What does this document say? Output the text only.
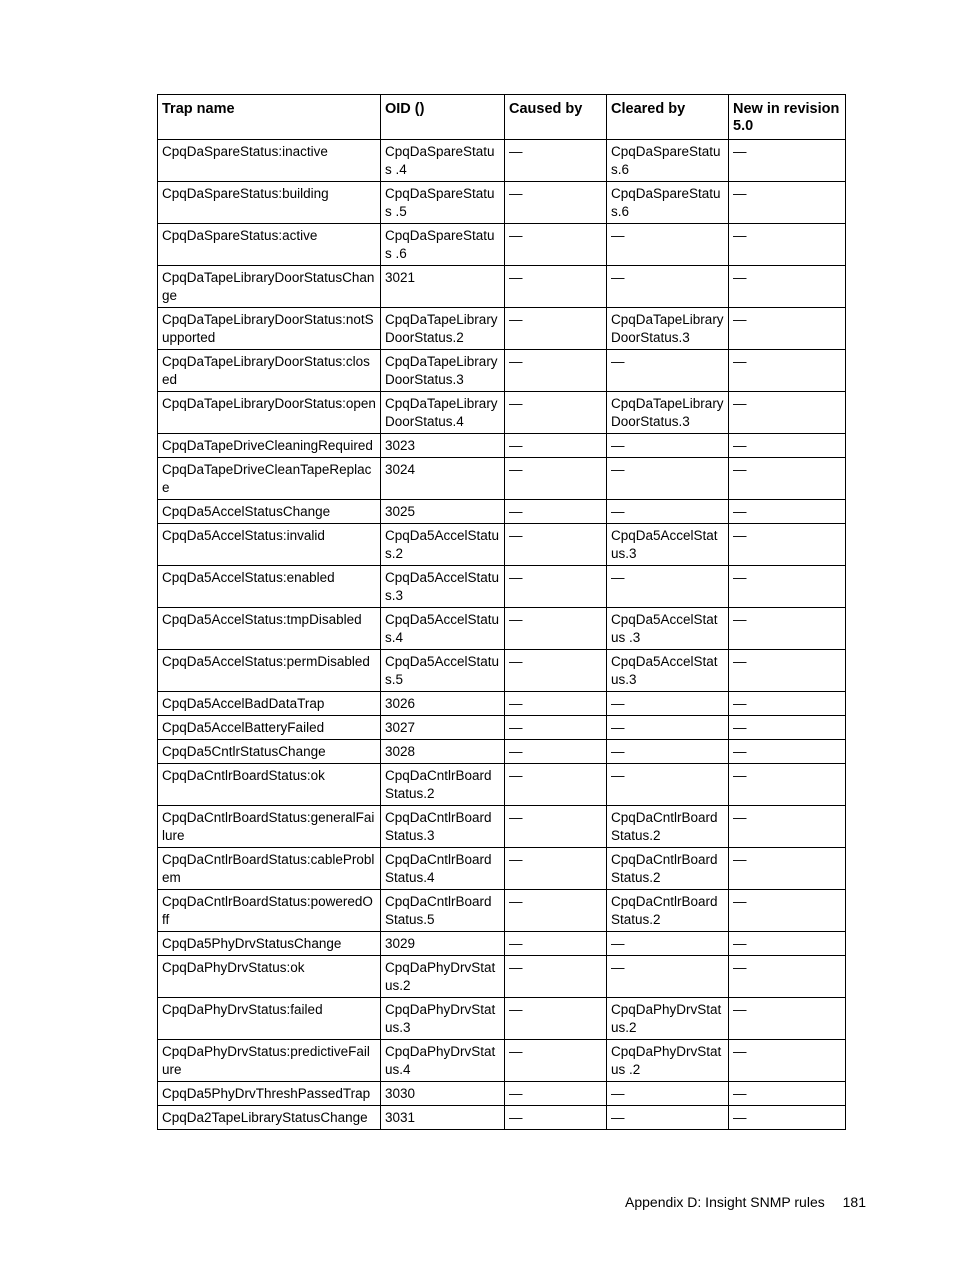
Trap name	OID ()	Caused by	Cleared by	New in revision 5.0
CpqDaSpareStatus:inactive	CpqDaSpareStatus .4	—	CpqDaSpareStatus.6	—
CpqDaSpareStatus:building	CpqDaSpareStatus .5	—	CpqDaSpareStatus.6	—
CpqDaSpareStatus:active	CpqDaSpareStatus .6	—	—	—
CpqDaTapeLibraryDoorStatusChange	3021	—	—	—
CpqDaTapeLibraryDoorStatus:notSupported	CpqDaTapeLibraryDoorStatus.2	—	CpqDaTapeLibraryDoorStatus.3	—
CpqDaTapeLibraryDoorStatus:closed	CpqDaTapeLibraryDoorStatus.3	—	—	—
CpqDaTapeLibraryDoorStatus:open	CpqDaTapeLibraryDoorStatus.4	—	CpqDaTapeLibraryDoorStatus.3	—
CpqDaTapeDriveCleaningRequired	3023	—	—	—
CpqDaTapeDriveCleanTapeReplace	3024	—	—	—
CpqDa5AccelStatusChange	3025	—	—	—
CpqDa5AccelStatus:invalid	CpqDa5AccelStatus.2	—	CpqDa5AccelStatus.3	—
CpqDa5AccelStatus:enabled	CpqDa5AccelStatus.3	—	—	—
CpqDa5AccelStatus:tmpDisabled	CpqDa5AccelStatus.4	—	CpqDa5AccelStatus .3	—
CpqDa5AccelStatus:permDisabled	CpqDa5AccelStatus.5	—	CpqDa5AccelStatus.3	—
CpqDa5AccelBadDataTrap	3026	—	—	—
CpqDa5AccelBatteryFailed	3027	—	—	—
CpqDa5CntlrStatusChange	3028	—	—	—
CpqDaCntlrBoardStatus:ok	CpqDaCntlrBoardStatus.2	—	—	—
CpqDaCntlrBoardStatus:generalFailure	CpqDaCntlrBoardStatus.3	—	CpqDaCntlrBoardStatus.2	—
CpqDaCntlrBoardStatus:cableProblem	CpqDaCntlrBoardStatus.4	—	CpqDaCntlrBoardStatus.2	—
CpqDaCntlrBoardStatus:poweredOff	CpqDaCntlrBoardStatus.5	—	CpqDaCntlrBoardStatus.2	—
CpqDa5PhyDrvStatusChange	3029	—	—	—
CpqDaPhyDrvStatus:ok	CpqDaPhyDrvStatus.2	—	—	—
CpqDaPhyDrvStatus:failed	CpqDaPhyDrvStatus.3	—	CpqDaPhyDrvStatus.2	—
CpqDaPhyDrvStatus:predictiveFailure	CpqDaPhyDrvStatus.4	—	CpqDaPhyDrvStatus .2	—
CpqDa5PhyDrvThreshPassedTrap	3030	—	—	—
CpqDa2TapeLibraryStatusChange	3031	—	—	—
Appendix D: Insight SNMP rules 181
